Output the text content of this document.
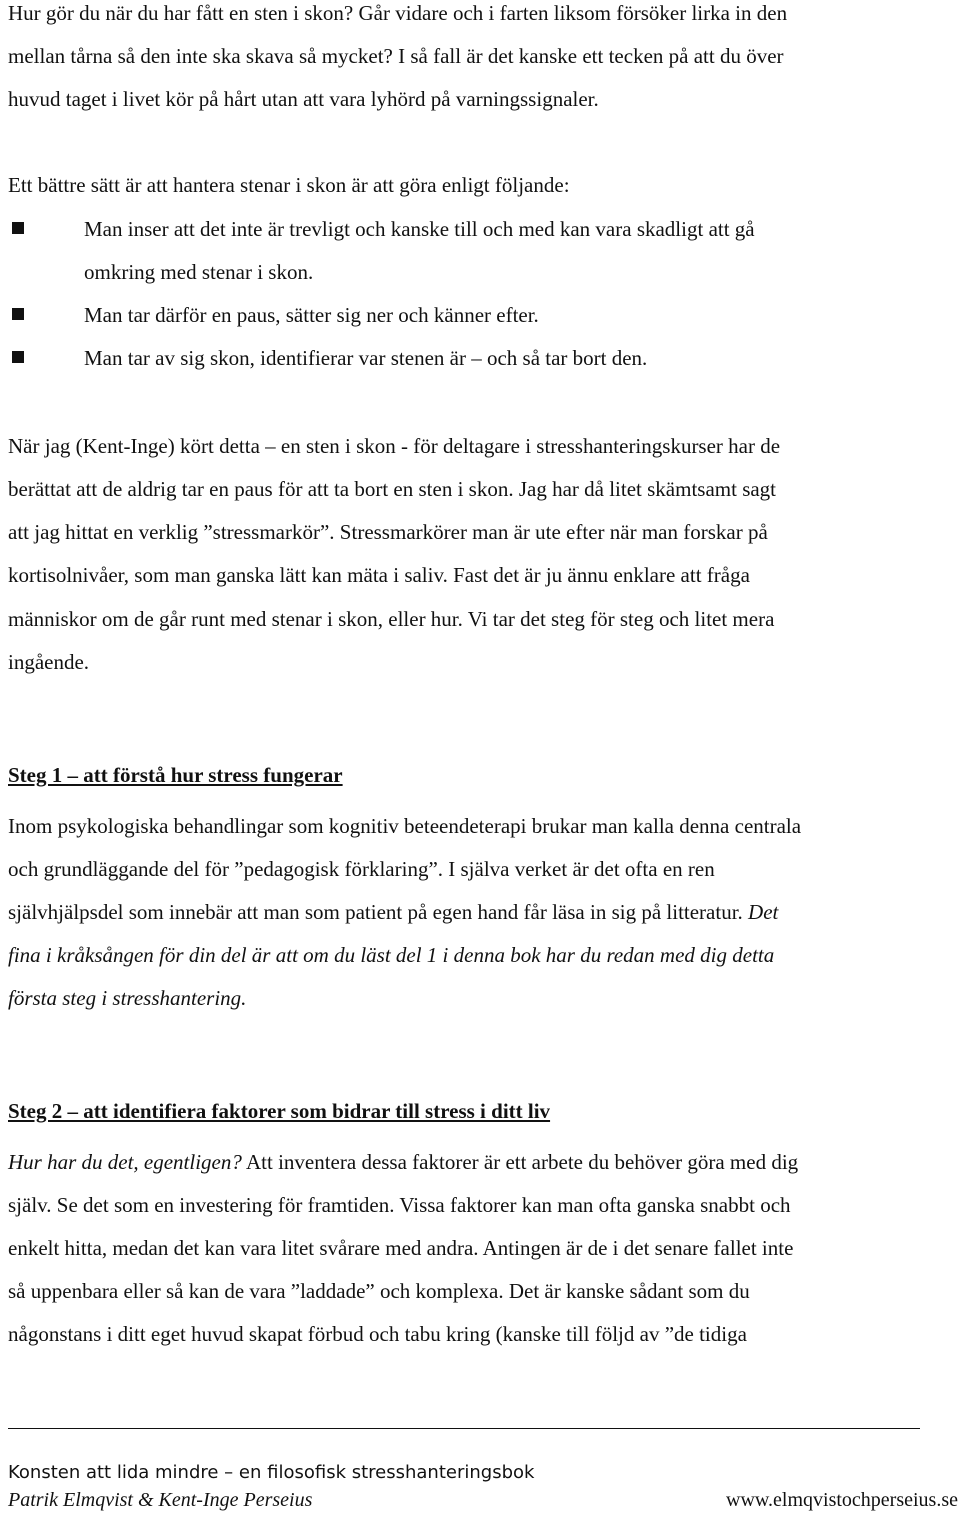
Hur gör du när du har fått en sten i skon? Går vidare och i farten liksom försöker lirka in den
mellan tårna så den inte ska skava så mycket? I så fall är det kanske ett tecken på att du över
huvud taget i livet kör på hårt utan att vara lyhörd på varningssignaler.
Ett bättre sätt är att hantera stenar i skon är att göra enligt följande:
Man inser att det inte är trevligt och kanske till och med kan vara skadligt att gå
omkring med stenar i skon.
Man tar därför en paus, sätter sig ner och känner efter.
Man tar av sig skon, identifierar var stenen är – och så tar bort den.
När jag (Kent-Inge) kört detta – en sten i skon - för deltagare i stresshanteringskurser har de
berättat att de aldrig tar en paus för att ta bort en sten i skon. Jag har då litet skämtsamt sagt
att jag hittat en verklig ”stressmarkör”. Stressmarkörer man är ute efter när man forskar på
kortisolnivåer, som man ganska lätt kan mäta i saliv. Fast det är ju ännu enklare att fråga
människor om de går runt med stenar i skon, eller hur. Vi tar det steg för steg och litet mera
ingående.
Steg 1 – att förstå hur stress fungerar
Inom psykologiska behandlingar som kognitiv beteendeterapi brukar man kalla denna centrala
och grundläggande del för ”pedagogisk förklaring”. I själva verket är det ofta en ren
självhjälpsdel som innebär att man som patient på egen hand får läsa in sig på litteratur. Det
fina i kråksången för din del är att om du läst del 1 i denna bok har du redan med dig detta
första steg i stresshantering.
Steg 2 – att identifiera faktorer som bidrar till stress i ditt liv
Hur har du det, egentligen? Att inventera dessa faktorer är ett arbete du behöver göra med dig
själv. Se det som en investering för framtiden. Vissa faktorer kan man ofta ganska snabbt och
enkelt hitta, medan det kan vara litet svårare med andra. Antingen är de i det senare fallet inte
så uppenbara eller så kan de vara ”laddade” och komplexa. Det är kanske sådant som du
någonstans i ditt eget huvud skapat förbud och tabu kring (kanske till följd av ”de tidiga
Konsten att lida mindre – en filosofisk stresshanteringsbok
Patrik Elmqvist & Kent-Inge Perseius	www.elmqvistochperseius.se
